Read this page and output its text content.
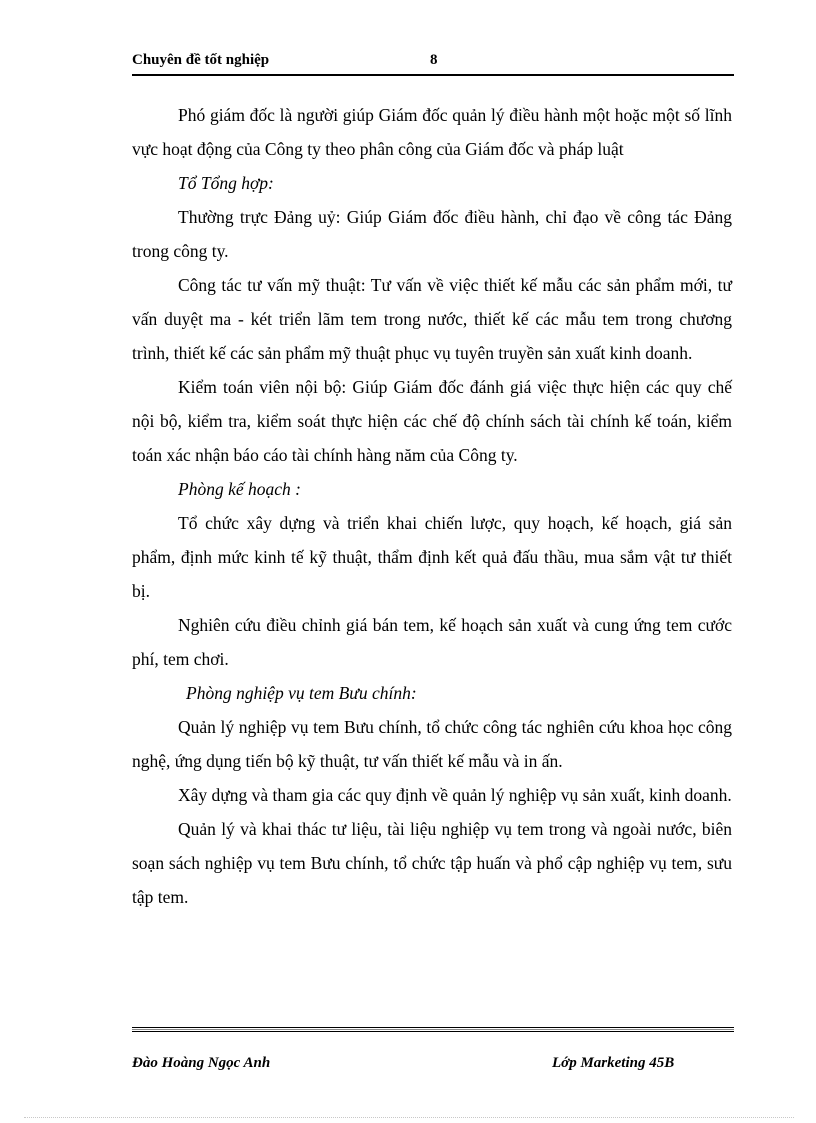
Chuyên đề tốt nghiệp	8

Phó giám đốc là người giúp Giám đốc quản lý điều hành một hoặc một số lĩnh vực hoạt động của Công ty theo phân công của Giám đốc và pháp luật

Tổ Tổng hợp:

Thường trực Đảng uỷ: Giúp Giám đốc điều hành, chỉ đạo về công tác Đảng trong công ty.

Công tác tư vấn mỹ thuật: Tư vấn về việc thiết kế mẫu các sản phẩm mới, tư vấn duyệt ma - két triển lãm tem trong nước, thiết kế các mẫu tem trong chương trình, thiết kế các sản phẩm mỹ thuật phục vụ tuyên truyền sản xuất kinh doanh.

Kiểm toán viên nội bộ: Giúp Giám đốc đánh giá việc thực hiện các quy chế nội bộ, kiểm tra, kiểm soát thực hiện các chế độ chính sách tài chính kế toán, kiểm toán xác nhận báo cáo tài chính hàng năm của Công ty.

Phòng kế hoạch :

Tổ chức xây dựng và triển khai chiến lược, quy hoạch, kế hoạch, giá sản phẩm, định mức kinh tế kỹ thuật, thẩm định kết quả đấu thầu, mua sắm vật tư thiết bị.

Nghiên cứu điều chỉnh giá bán tem, kế hoạch sản xuất và cung ứng tem cước phí, tem chơi.

Phòng nghiệp vụ tem Bưu chính:

Quản lý nghiệp vụ tem Bưu chính, tổ chức công tác nghiên cứu khoa học công nghệ, ứng dụng tiến bộ kỹ thuật, tư vấn thiết kế mẫu và in ấn.

Xây dựng và tham gia các quy định về quản lý nghiệp vụ sản xuất, kinh doanh.

Quản lý và khai thác tư liệu, tài liệu nghiệp vụ tem trong và ngoài nước, biên soạn sách nghiệp vụ tem Bưu chính, tổ chức tập huấn và phổ cập nghiệp vụ tem, sưu tập tem.

Đào Hoàng Ngọc Anh	Lớp Marketing 45B
